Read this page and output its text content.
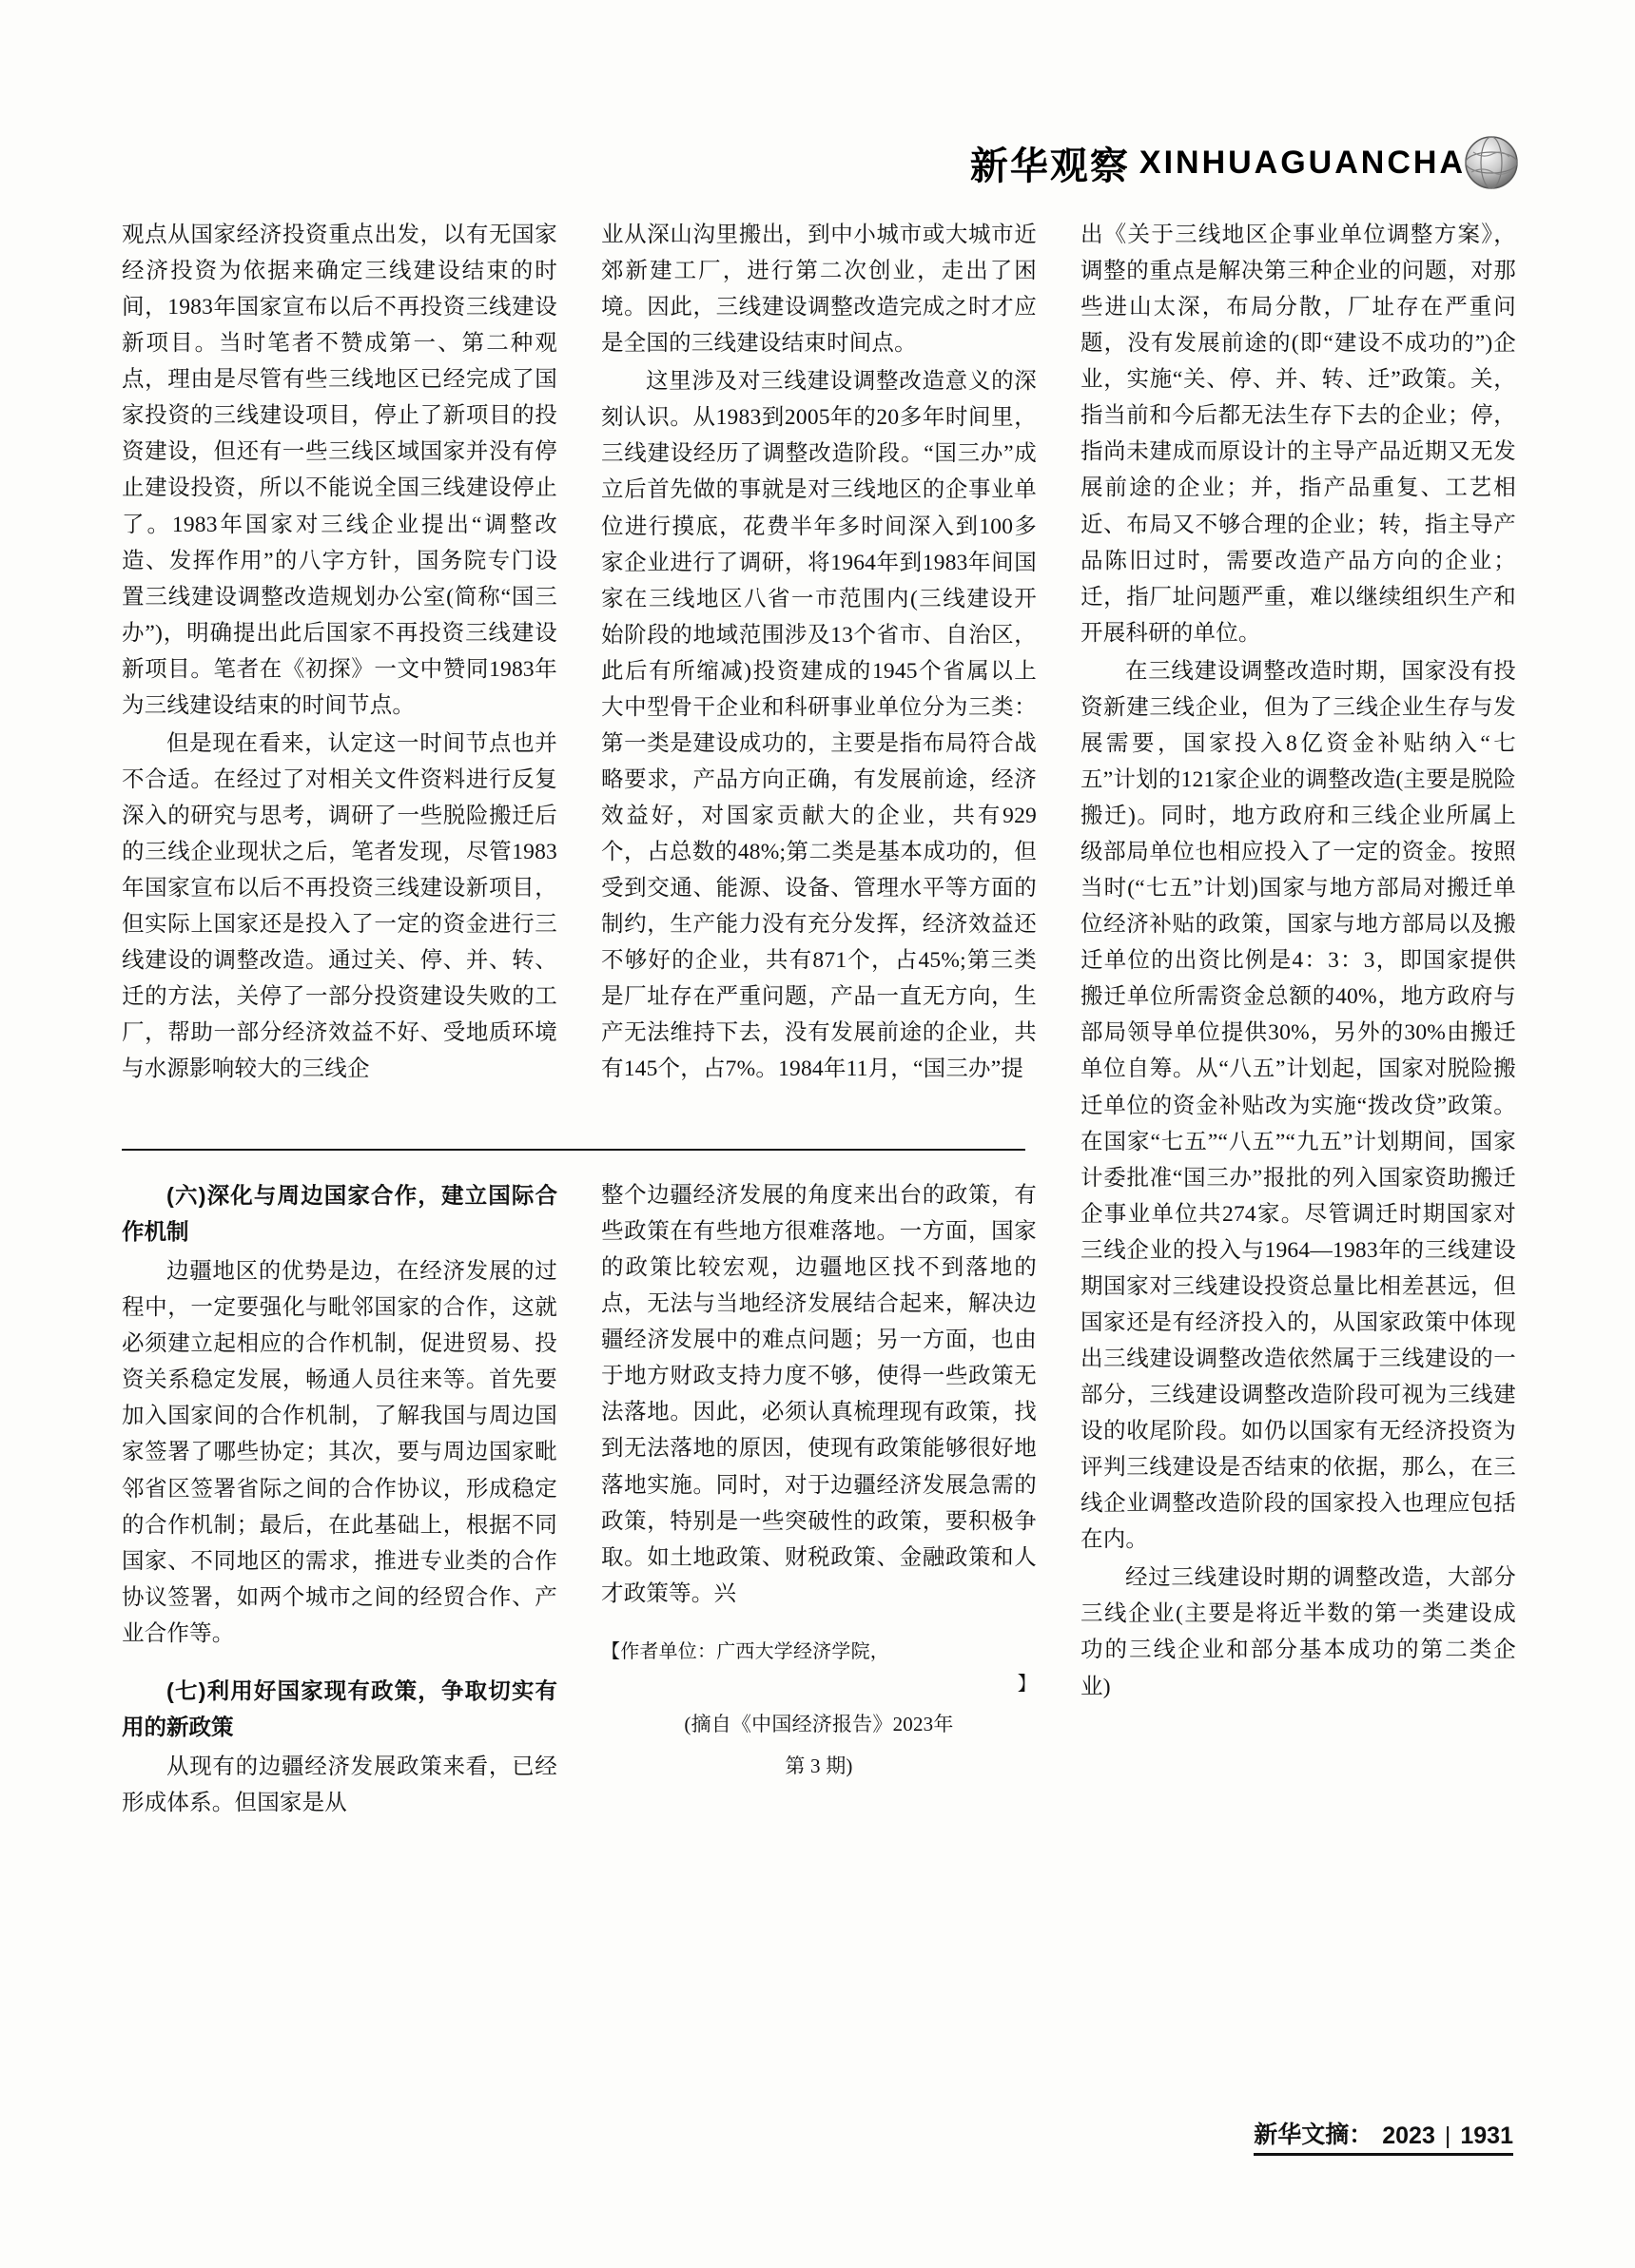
新华观察 XINHUAGUANCHA

观点从国家经济投资重点出发，以有无国家经济投资为依据来确定三线建设结束的时间，1983年国家宣布以后不再投资三线建设新项目。当时笔者不赞成第一、第二种观点，理由是尽管有些三线地区已经完成了国家投资的三线建设项目，停止了新项目的投资建设，但还有一些三线区域国家并没有停止建设投资，所以不能说全国三线建设停止了。1983年国家对三线企业提出“调整改造、发挥作用”的八字方针，国务院专门设置三线建设调整改造规划办公室(简称“国三办”)，明确提出此后国家不再投资三线建设新项目。笔者在《初探》一文中赞同1983年为三线建设结束的时间节点。

但是现在看来，认定这一时间节点也并不合适。在经过了对相关文件资料进行反复深入的研究与思考，调研了一些脱险搬迁后的三线企业现状之后，笔者发现，尽管1983年国家宣布以后不再投资三线建设新项目，但实际上国家还是投入了一定的资金进行三线建设的调整改造。通过关、停、并、转、迁的方法，关停了一部分投资建设失败的工厂，帮助一部分经济效益不好、受地质环境与水源影响较大的三线企

业从深山沟里搬出，到中小城市或大城市近郊新建工厂，进行第二次创业，走出了困境。因此，三线建设调整改造完成之时才应是全国的三线建设结束时间点。

这里涉及对三线建设调整改造意义的深刻认识。从1983到2005年的20多年时间里，三线建设经历了调整改造阶段。“国三办”成立后首先做的事就是对三线地区的企事业单位进行摸底，花费半年多时间深入到100多家企业进行了调研，将1964年到1983年间国家在三线地区八省一市范围内(三线建设开始阶段的地域范围涉及13个省市、自治区，此后有所缩减)投资建成的1945个省属以上大中型骨干企业和科研事业单位分为三类：第一类是建设成功的，主要是指布局符合战略要求，产品方向正确，有发展前途，经济效益好，对国家贡献大的企业，共有929个，占总数的48%;第二类是基本成功的，但受到交通、能源、设备、管理水平等方面的制约，生产能力没有充分发挥，经济效益还不够好的企业，共有871个，占45%;第三类是厂址存在严重问题，产品一直无方向，生产无法维持下去，没有发展前途的企业，共有145个，占7%。1984年11月，“国三办”提

出《关于三线地区企事业单位调整方案》，调整的重点是解决第三种企业的问题，对那些进山太深，布局分散，厂址存在严重问题，没有发展前途的(即“建设不成功的”)企业，实施“关、停、并、转、迁”政策。关，指当前和今后都无法生存下去的企业；停，指尚未建成而原设计的主导产品近期又无发展前途的企业；并，指产品重复、工艺相近、布局又不够合理的企业；转，指主导产品陈旧过时，需要改造产品方向的企业；迁，指厂址问题严重，难以继续组织生产和开展科研的单位。

在三线建设调整改造时期，国家没有投资新建三线企业，但为了三线企业生存与发展需要，国家投入8亿资金补贴纳入“七五”计划的121家企业的调整改造(主要是脱险搬迁)。同时，地方政府和三线企业所属上级部局单位也相应投入了一定的资金。按照当时(“七五”计划)国家与地方部局对搬迁单位经济补贴的政策，国家与地方部局以及搬迁单位的出资比例是4：3：3，即国家提供搬迁单位所需资金总额的40%，地方政府与部局领导单位提供30%，另外的30%由搬迁单位自筹。从“八五”计划起，国家对脱险搬迁单位的资金补贴改为实施“拨改贷”政策。在国家“七五”“八五”“九五”计划期间，国家计委批准“国三办”报批的列入国家资助搬迁企事业单位共274家。尽管调迁时期国家对三线企业的投入与1964—1983年的三线建设期国家对三线建设投资总量比相差甚远，但国家还是有经济投入的，从国家政策中体现出三线建设调整改造依然属于三线建设的一部分，三线建设调整改造阶段可视为三线建设的收尾阶段。如仍以国家有无经济投资为评判三线建设是否结束的依据，那么，在三线企业调整改造阶段的国家投入也理应包括在内。

经过三线建设时期的调整改造，大部分三线企业(主要是将近半数的第一类建设成功的三线企业和部分基本成功的第二类企业)

(六)深化与周边国家合作，建立国际合作机制

边疆地区的优势是边，在经济发展的过程中，一定要强化与毗邻国家的合作，这就必须建立起相应的合作机制，促进贸易、投资关系稳定发展，畅通人员往来等。首先要加入国家间的合作机制，了解我国与周边国家签署了哪些协定；其次，要与周边国家毗邻省区签署省际之间的合作协议，形成稳定的合作机制；最后，在此基础上，根据不同国家、不同地区的需求，推进专业类的合作协议签署，如两个城市之间的经贸合作、产业合作等。

(七)利用好国家现有政策，争取切实有用的新政策

从现有的边疆经济发展政策来看，已经形成体系。但国家是从

整个边疆经济发展的角度来出台的政策，有些政策在有些地方很难落地。一方面，国家的政策比较宏观，边疆地区找不到落地的点，无法与当地经济发展结合起来，解决边疆经济发展中的难点问题；另一方面，也由于地方财政支持力度不够，使得一些政策无法落地。因此，必须认真梳理现有政策，找到无法落地的原因，使现有政策能够很好地落地实施。同时，对于边疆经济发展急需的政策，特别是一些突破性的政策，要积极争取。如土地政策、财税政策、金融政策和人才政策等。兴

【作者单位：广西大学经济学院，

】

(摘自《中国经济报告》2023年

第 3 期)

新华文摘： 2023 | 1931
